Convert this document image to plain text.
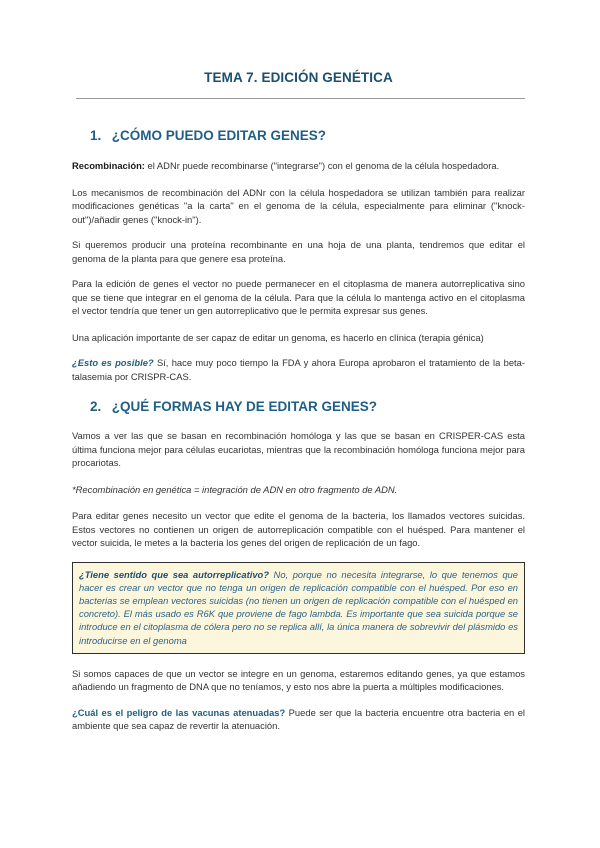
TEMA 7. EDICIÓN GENÉTICA
1. ¿CÓMO PUEDO EDITAR GENES?

Recombinación: el ADNr puede recombinarse ("integrarse") con el genoma de la célula hospedadora.

Los mecanismos de recombinación del ADNr con la célula hospedadora se utilizan también para realizar modificaciones genéticas "a la carta" en el genoma de la célula, especialmente para eliminar ("knock-out")/añadir genes ("knock-in").

Si queremos producir una proteína recombinante en una hoja de una planta, tendremos que editar el genoma de la planta para que genere esa proteína.

Para la edición de genes el vector no puede permanecer en el citoplasma de manera autorreplicativa sino que se tiene que integrar en el genoma de la célula. Para que la célula lo mantenga activo en el citoplasma el vector tendría que tener un gen autorreplicativo que le permita expresar sus genes.

Una aplicación importante de ser capaz de editar un genoma, es hacerlo en clínica (terapia génica)

¿Esto es posible? Sí, hace muy poco tiempo la FDA y ahora Europa aprobaron el tratamiento de la beta-talasemia por CRISPR-CAS.

2. ¿QUÉ FORMAS HAY DE EDITAR GENES?

Vamos a ver las que se basan en recombinación homóloga y las que se basan en CRISPER-CAS esta última funciona mejor para células eucariotas, mientras que la recombinación homóloga funciona mejor para procariotas.

*Recombinación en genética = integración de ADN en otro fragmento de ADN.

Para editar genes necesito un vector que edite el genoma de la bacteria, los llamados vectores suicidas. Estos vectores no contienen un origen de autorreplicación compatible con el huésped. Para mantener el vector suicida, le metes a la bacteria los genes del origen de replicación de un fago.

¿Tiene sentido que sea autorreplicativo? No, porque no necesita integrarse, lo que tenemos que hacer es crear un vector que no tenga un origen de replicación compatible con el huésped. Por eso en bacterias se emplean vectores suicidas (no tienen un origen de replicación compatible con el huésped en concreto). El más usado es R6K que proviene de fago lambda. Es importante que sea suicida porque se introduce en el citoplasma de cólera pero no se replica allí, la única manera de sobrevivir del plásmido es introducirse en el genoma

Si somos capaces de que un vector se integre en un genoma, estaremos editando genes, ya que estamos añadiendo un fragmento de DNA que no teníamos, y esto nos abre la puerta a múltiples modificaciones.

¿Cuál es el peligro de las vacunas atenuadas? Puede ser que la bacteria encuentre otra bacteria en el ambiente que sea capaz de revertir la atenuación.
